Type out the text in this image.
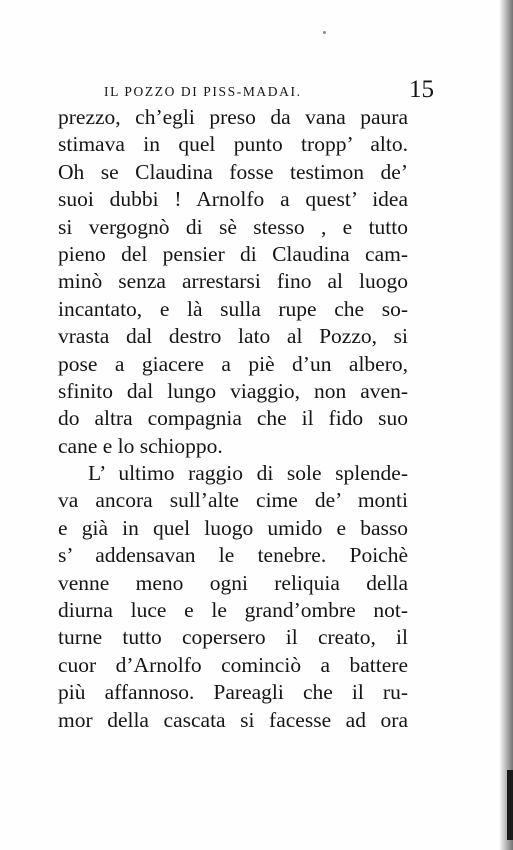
IL POZZO DI PISS-MADAI.	15
prezzo, ch’egli preso da vana paura
stimava in quel punto tropp’ alto.
Oh se Claudina fosse testimon de’
suoi dubbi ! Arnolfo a quest’ idea
si vergognò di sè stesso , e tutto
pieno del pensier di Claudina cam-
minò senza arrestarsi fino al luogo
incantato, e là sulla rupe che so-
vrasta dal destro lato al Pozzo, si
pose a giacere a piè d’un albero,
sfinito dal lungo viaggio, non aven-
do altra compagnia che il fido suo
cane e lo schioppo.
L’ ultimo raggio di sole splende-
va ancora sull’alte cime de’ monti
e già in quel luogo umido e basso
s’ addensavan le tenebre. Poichè
venne meno ogni reliquia della
diurna luce e le grand’ombre not-
turne tutto copersero il creato, il
cuor d’Arnolfo cominciò a battere
più affannoso. Pareagli che il ru-
mor della cascata si facesse ad ora
